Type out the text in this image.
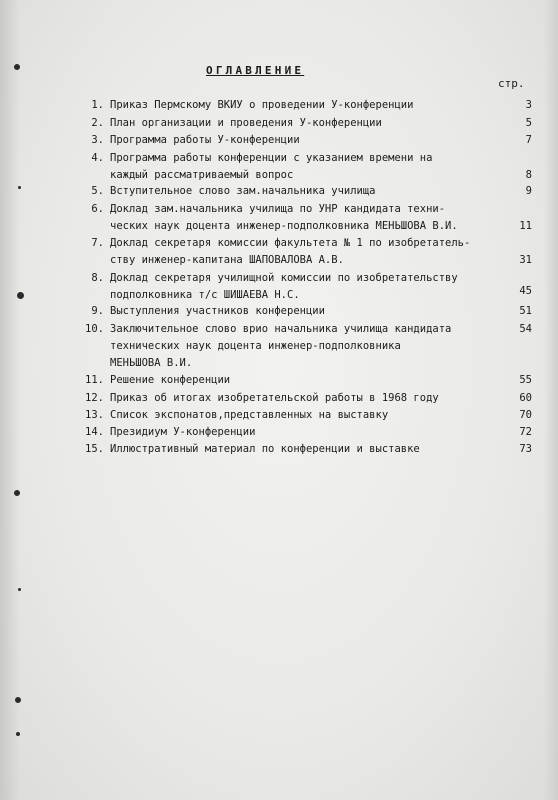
ОГЛАВЛЕНИЕ
стр.
1. Приказ Пермскому ВКИУ о проведении У-конференции	3
2. План организации и проведения У-конференции	5
3. Программа работы У-конференции	7
4. Программа работы конференции с указанием времени на
каждый рассматриваемый вопрос	8
5. Вступительное слово зам.начальника училища	9
6. Доклад зам.начальника училища по УНР кандидата техни-
ческих наук доцента инженер-подполковника МЕНЬШОВА В.И.	11
7. Доклад секретаря комиссии факультета № 1 по изобретатель-
ству инженер-капитана ШАПОВАЛОВА А.В.	31
8. Доклад секретаря училищной комиссии по изобретательству
подполковника т/с ШИШАЕВА Н.С.	45
9. Выступления участников конференции	51
10. Заключительное слово врио начальника училища кандидата
технических наук доцента инженер-подполковника
МЕНЬШОВА В.И.
54
11. Решение конференции	55
12. Приказ об итогах изобретательской работы в 1968 году	60
13. Список экспонатов,представленных на выставку	70
14. Президиум У-конференции	72
15. Иллюстративный материал по конференции и выставке	73
